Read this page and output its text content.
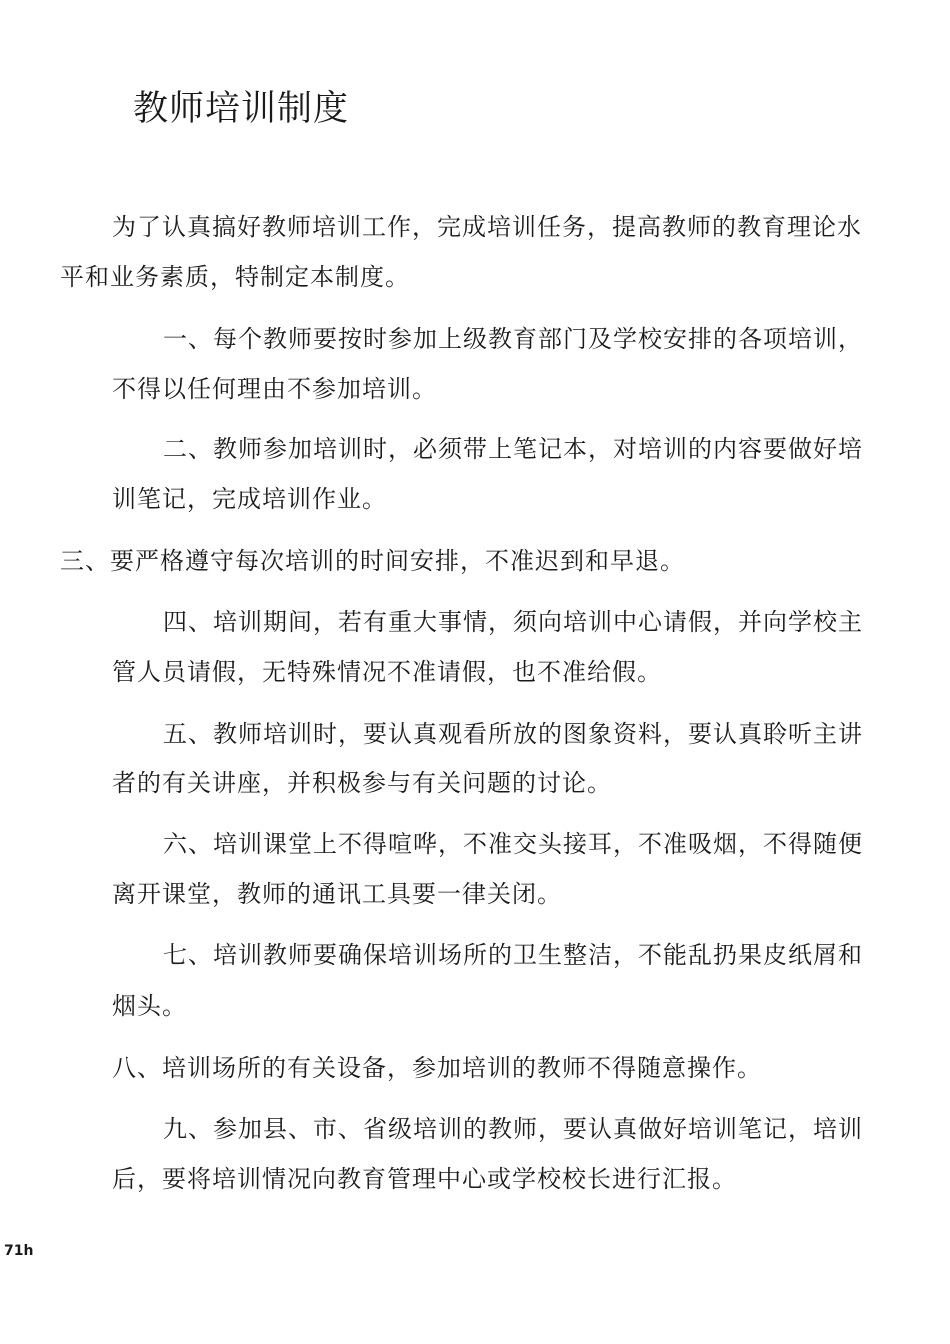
教师培训制度

为了认真搞好教师培训工作，完成培训任务，提高教师的教育理论水

平和业务素质，特制定本制度。

一、每个教师要按时参加上级教育部门及学校安排的各项培训，

不得以任何理由不参加培训。

二、教师参加培训时，必须带上笔记本，对培训的内容要做好培

训笔记，完成培训作业。

三、要严格遵守每次培训的时间安排，不准迟到和早退。

四、培训期间，若有重大事情，须向培训中心请假，并向学校主

管人员请假，无特殊情况不准请假，也不准给假。

五、教师培训时，要认真观看所放的图象资料，要认真聆听主讲

者的有关讲座，并积极参与有关问题的讨论。

六、培训课堂上不得喧哗，不准交头接耳，不准吸烟，不得随便

离开课堂，教师的通讯工具要一律关闭。

七、培训教师要确保培训场所的卫生整洁，不能乱扔果皮纸屑和

烟头。

八、培训场所的有关设备，参加培训的教师不得随意操作。

九、参加县、市、省级培训的教师，要认真做好培训笔记，培训

后，要将培训情况向教育管理中心或学校校长进行汇报。

71h
